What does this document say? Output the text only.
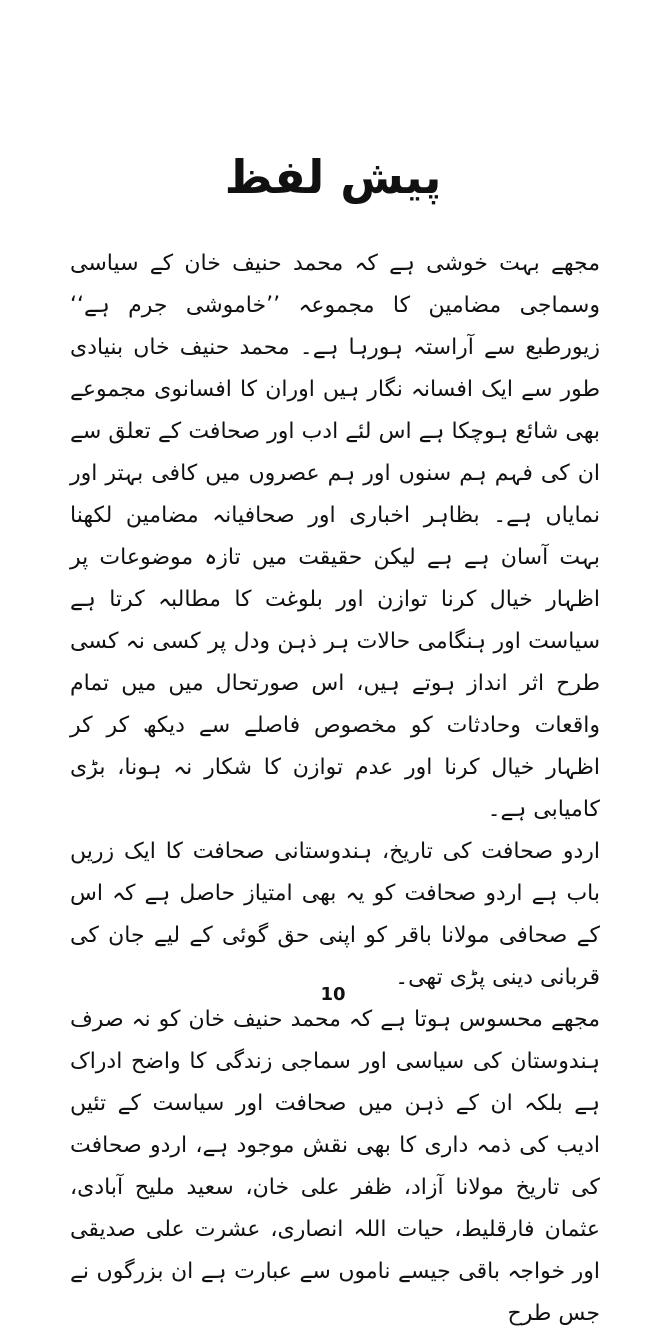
پیش لفظ

مجھے بہت خوشی ہے کہ محمد حنیف خان کے سیاسی وسماجی مضامین کا مجموعہ ’’خاموشی جرم ہے‘‘ زیورطبع سے آراستہ ہورہا ہے۔ محمد حنیف خاں بنیادی طور سے ایک افسانہ نگار ہیں اوران کا افسانوی مجموعے بھی شائع ہوچکا ہے اس لئے ادب اور صحافت کے تعلق سے ان کی فہم ہم سنوں اور ہم عصروں میں کافی بہتر اور نمایاں ہے۔ بظاہر اخباری اور صحافیانہ مضامین لکھنا بہت آسان ہے ہے لیکن حقیقت میں تازہ موضوعات پر اظہار خیال کرنا توازن اور بلوغت کا مطالبہ کرتا ہے سیاست اور ہنگامی حالات ہر ذہن ودل پر کسی نہ کسی طرح اثر انداز ہوتے ہیں، اس صورتحال میں میں تمام واقعات وحادثات کو مخصوص فاصلے سے دیکھ کر کر اظہار خیال کرنا اور عدم توازن کا شکار نہ ہونا، بڑی کامیابی ہے۔

اردو صحافت کی تاریخ، ہندوستانی صحافت کا ایک زریں باب ہے اردو صحافت کو یہ بھی امتیاز حاصل ہے کہ اس کے صحافی مولانا باقر کو اپنی حق گوئی کے لیے جان کی قربانی دینی پڑی تھی۔

مجھے محسوس ہوتا ہے کہ محمد حنیف خان کو نہ صرف ہندوستان کی سیاسی اور سماجی زندگی کا واضح ادراک ہے بلکہ ان کے ذہن میں صحافت اور سیاست کے تئیں ادیب کی ذمہ داری کا بھی نقش موجود ہے، اردو صحافت کی تاریخ مولانا آزاد، ظفر علی خان، سعید ملیح آبادی، عثمان فارقلیط، حیات اللہ انصاری، عشرت علی صدیقی اور خواجہ باقی جیسے ناموں سے عبارت ہے ان بزرگوں نے جس طرح

10
